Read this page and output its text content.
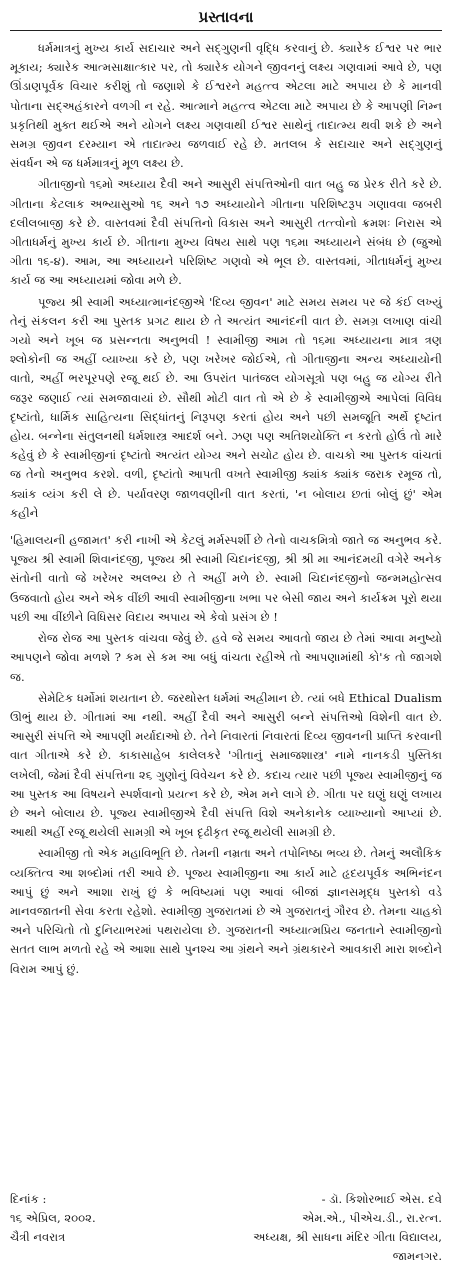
પ્રસ્તાવના

ધર્મમાત્રનું મુખ્ય કાર્ય સદાચાર અને સદ્‌ગુણની વૃદ્ધિ કરવાનું છે. ક્યારેક ઈશ્વર પર ભાર મૂકાય; ક્યારેક આત્મસાક્ષાત્કાર પર, તો ક્યારેક યોગને જીવનનું લક્ષ્ય ગણવામાં આવે છે, પણ ઊંડાણપૂર્વક વિચાર કરીશું તો જણાશે કે ઈશ્વરને મહત્ત્વ એટલા માટે અપાય છે કે માનવી પોતાના સદ્‌અહંકારને વળગી ન રહે. આત્માને મહત્ત્વ એટલા માટે અપાય છે કે આપણી નિમ્ન પ્રકૃતિથી મુક્ત થઈએ અને યોગને લક્ષ્ય ગણવાથી ઈશ્વર સાથેનું તાદાત્મ્ય થવી શકે છે અને સમગ્ર જીવન દરમ્યાન એ તાદાત્મ્ય જળવાઈ રહે છે. મતલબ કે સદાચાર અને સદ્‌ગુણનું સંવર્ધન એ જ ધર્મમાત્રનું મૂળ લક્ષ્ય છે.

ગીતાજીનો ૧૬મો અધ્યાય દૈવી અને આસુરી સંપત્તિઓની વાત બહુ જ પ્રેરક રીતે કરે છે. ગીતાના કેટલાક અભ્યાસુઓ ૧૬ અને ૧૭ અધ્યાયોને ગીતાના પરિશિષ્ટરૂપ ગણાવવા જબરી દલીલબાજી કરે છે. વાસ્તવમાં દૈવી સંપત્તિનો વિકાસ અને આસુરી તત્ત્વોનો ક્રમશઃ નિરાસ એ ગીતાધર્મનું મુખ્ય કાર્ય છે. ગીતાના મુખ્ય વિષય સાથે પણ ૧૬મા અધ્યાયને સંબંધ છે (જુઓ ગીતા ૧૬-૪). આમ, આ અધ્યાયને પરિશિષ્ટ ગણવો એ ભૂલ છે. વાસ્તવમાં, ગીતાધર્મનું મુખ્ય કાર્ય જ આ અધ્યાયમાં જોવા મળે છે.

પૂજ્ય શ્રી સ્વામી અધ્યાત્માનંદજીએ 'દિવ્ય જીવન' માટે સમય સમય પર જે કંઈ લખ્યું તેનું સંકલન કરી આ પુસ્તક પ્રગટ થાય છે તે અત્યંત આનંદની વાત છે. સમગ્ર લખાણ વાંચી ગયો અને ખૂબ જ પ્રસન્નતા અનુભવી ! સ્વામીજી આમ તો ૧૬મા અધ્યાયના માત્ર ત્રણ શ્લોકોની જ અહીં વ્યાખ્યા કરે છે, પણ ખરેખર જોઈએ, તો ગીતાજીના અન્ય અધ્યાયોની વાતો, અહીં ભરપૂરપણે રજૂ થઈ છે. આ ઉપરાંત પાતંજલ યોગસૂત્રો પણ બહુ જ યોગ્ય રીતે જરૂર જણાઈ ત્યાં સમજાવાયાં છે. સૌથી મોટી વાત તો એ છે કે સ્વામીજીએ આપેલાં વિવિધ દૃષ્ટાંતો, ધાર્મિક સાહિત્યના સિદ્ધાંતનું નિરૂપણ કરતાં હોય અને પછી સમજૂતિ અર્થે દૃષ્ટાંત હોય. બન્નેના સંતુલનથી ધર્મશાસ્ત્ર આદર્શ બને. ઝણ પણ અતિશયોક્તિ ન કરતો હોઉં તો મારે કહેવું છે કે સ્વામીજીનાં દૃષ્ટાંતો અત્યંત યોગ્ય અને સચોટ હોય છે. વાચકો આ પુસ્તક વાંચતાં જ તેનો અનુભવ કરશે. વળી, દૃષ્ટાંતો આપતી વખતે સ્વામીજી ક્યાંક ક્યાંક જરાક રમૂજ તો, ક્યાંક વ્યંગ કરી લે છે. પર્યાવરણ જાળવણીની વાત કરતાં, 'ન બોલાય છતાં બોલું છું' એમ કહીને

'હિમાલયની હજામત' કરી નાખી એ કેટલું મર્મસ્પર્શી છે તેનો વાચકમિત્રો જાતે જ અનુભવ કરે. પૂજ્ય શ્રી સ્વામી શિવાનંદજી, પૂજ્ય શ્રી સ્વામી ચિદાનંદજી, શ્રી શ્રી મા આનંદમયી વગેરે અનેક સંતોની વાતો જે ખરેખર અલભ્ય છે તે અહીં મળે છે. સ્વામી ચિદાનંદજીનો જન્મમહોત્સવ ઉજવાતો હોય અને એક વીંછી આવી સ્વામીજીના ખભા પર બેસી જાય અને કાર્યક્રમ પૂરો થયા પછી આ વીંછીને વિધિસર વિદાય અપાય એ કેવો પ્રસંગ છે !

રોજ રોજ આ પુસ્તક વાંચવા જેવું છે. હવે જે સમય આવતો જાય છે તેમાં આવા મનુષ્યો આપણને જોવા મળશે ? કમ સે કમ આ બધું વાંચતા રહીએ તો આપણામાંથી કો'ક તો જાગશે જ.

સેમેટિક ધર્મોમાં શયતાન છે. જરથોસ્ત ધર્મમાં અહ્રીમાન છે. ત્યાં બધે Ethical Dualism ઊભું થાય છે. ગીતામાં આ નથી. અહીં દૈવી અને આસુરી બન્ને સંપત્તિઓ વિશેની વાત છે. આસુરી સંપત્તિ એ આપણી મર્યાદાઓ છે. તેને નિવારતાં નિવારતાં દિવ્ય જીવનની પ્રાપ્તિ કરવાની વાત ગીતાએ કરે છે. કાકાસાહેબ કાલેલકરે 'ગીતાનું સમાજશાસ્ત્ર' નામે નાનકડી પુસ્તિકા લખેલી, જેમાં દૈવી સંપત્તિના ૨૬ ગુણોનું વિવેચન કરે છે. કદાચ ત્યાર પછી પૂજ્ય સ્વામીજીનું જ આ પુસ્તક આ વિષયને સ્પર્શવાનો પ્રયત્ન કરે છે, એમ મને લાગે છે. ગીતા પર ઘણું ઘણું લખાય છે અને બોલાય છે. પૂજ્ય સ્વામીજીએ દૈવી સંપત્તિ વિશે અનેકાનેક વ્યાખ્યાનો આપ્યાં છે. આથી અહીં રજૂ થયેલી સામગ્રી એ ખૂબ દૃઢીકૃત રજૂ થયેલી સામગ્રી છે.

સ્વામીજી તો એક મહાવિભૂતિ છે. તેમની નમ્રતા અને તપોનિષ્ઠા ભવ્ય છે. તેમનું અલૌકિક વ્યક્તિત્વ આ શબ્દોમાં તરી આવે છે. પૂજ્ય સ્વામીજીના આ કાર્ય માટે હૃદયપૂર્વક અભિનંદન આપું છું અને આશા રાખું છું કે ભવિષ્યમાં પણ આવાં બીજાં જ્ઞાનસમૃદ્ધ પુસ્તકો વડે માનવજાતની સેવા કરતા રહેશો. સ્વામીજી ગુજરાતમાં છે એ ગુજરાતનું ગૌરવ છે. તેમના ચાહકો અને પરિચિતો તો દુનિયાભરમાં પથરાયેલા છે. ગુજરાતની અધ્યાત્મપ્રિય જનતાને સ્વામીજીનો સતત લાભ મળતો રહે એ આશા સાથે પુનશ્ચ આ ગ્રંથને અને ગ્રંથકારને આવકારી મારા શબ્દોને વિરામ આપું છું.

દિનાંક :	- ડૉ. કિશોરભાઈ એસ. દવે
૧૬ એપ્રિલ, ૨૦૦૨.	એમ.એ., પીએચ.ડી., રા.રત્ન.
ચૈત્રી નવરાત્ર	અધ્યક્ષ, શ્રી સાધના મંદિર ગીતા વિદ્યાલય,
જામનગર.
